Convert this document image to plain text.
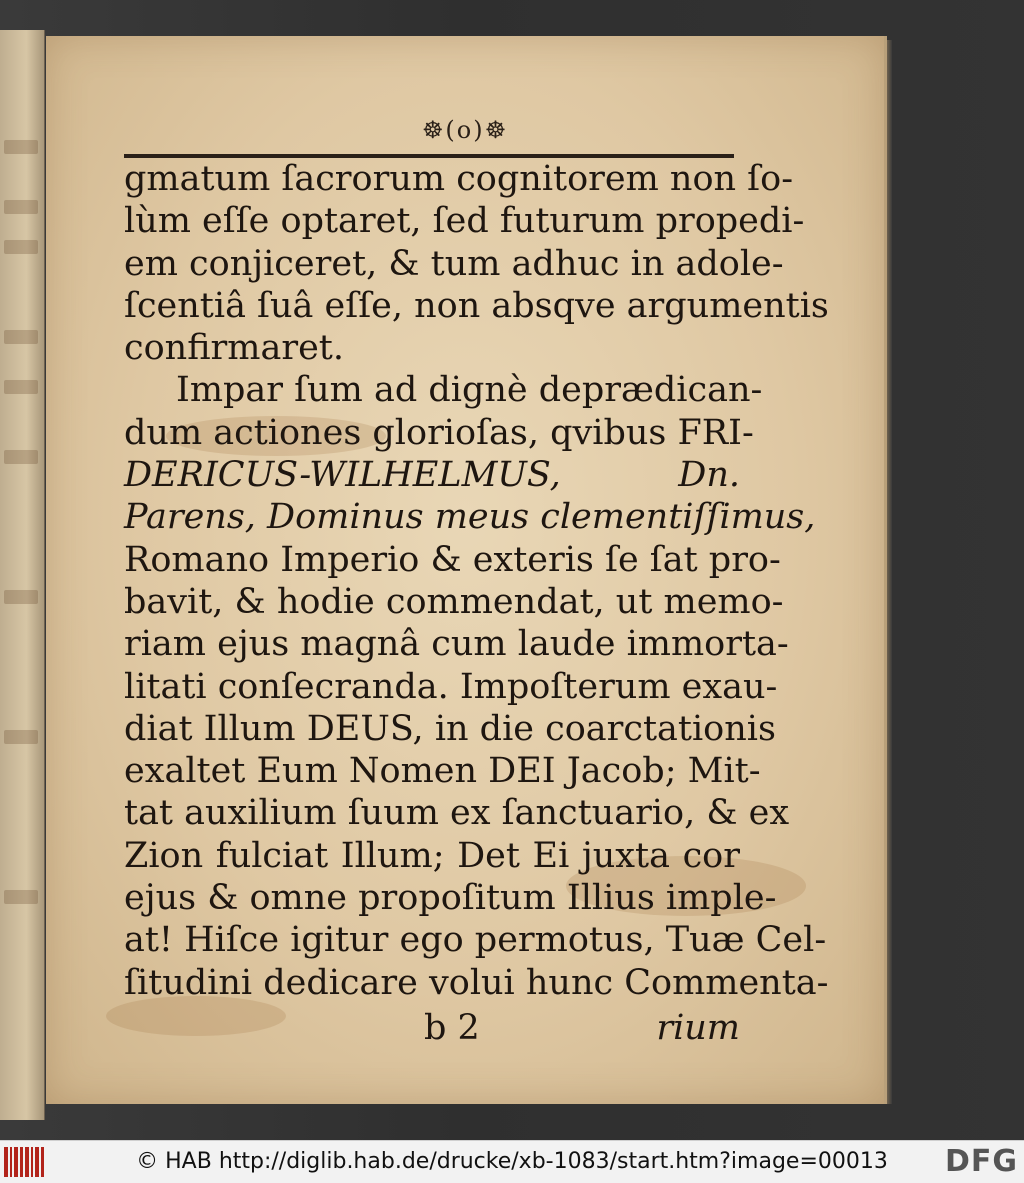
☸(o)☸
gmatum ſacrorum cognitorem non ſo-
lùm eſſe optaret, ſed futurum propedi-
em conjiceret, & tum adhuc in adole-
ſcentiâ ſuâ eſſe, non absqve argumentis
confirmaret.
Impar ſum ad dignè deprædican-
dum actiones glorioſas, qvibus FRI-
DERICUS-WILHELMUS, Dn.
Parens, Dominus meus clementiſſimus,
Romano Imperio & exteris ſe ſat pro-
bavit, & hodie commendat, ut memo-
riam ejus magnâ cum laude immorta-
litati conſecranda. Impoſterum exau-
diat Illum DEUS, in die coarctationis
exaltet Eum Nomen DEI Jacob; Mit-
tat auxilium ſuum ex ſanctuario, & ex
Zion fulciat Illum; Det Ei juxta cor
ejus & omne propoſitum Illius imple-
at! Hiſce igitur ego permotus, Tuæ Cel-
ſitudini dedicare volui hunc Commenta-
b 2	rium
© HAB http://diglib.hab.de/drucke/xb-1083/start.htm?image=00013	DFG
